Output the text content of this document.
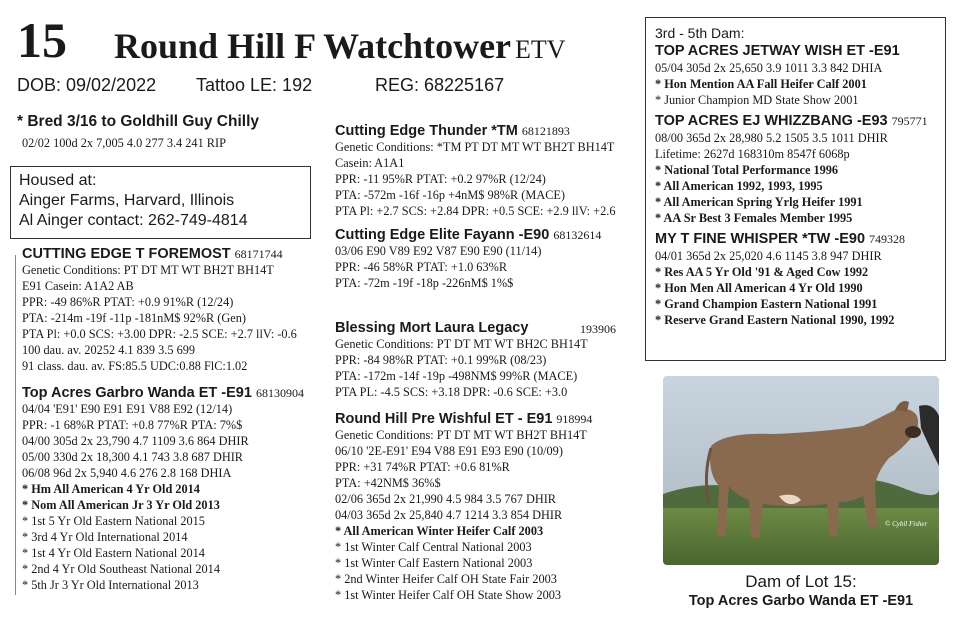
15 Round Hill F Watchtower ETV
DOB: 09/02/2022 Tattoo LE: 192	REG: 68225167
* Bred 3/16 to Goldhill Guy Chilly
02/02 100d 2x 7,005 4.0 277 3.4 241 RIP
Housed at:
Ainger Farms, Harvard, Illinois
Al Ainger contact: 262-749-4814
CUTTING EDGE T FOREMOST 68171744
Genetic Conditions: PT DT MT WT BH2T BH14T
E91 Casein: A1A2 AB
PPR: -49 86%R PTAT: +0.9 91%R (12/24)
PTA: -214m -19f -11p -181nM$ 92%R (Gen)
PTA Pl: +0.0 SCS: +3.00 DPR: -2.5 SCE: +2.7 llV: -0.6
100 dau. av. 20252 4.1 839 3.5 699
91 class. dau. av. FS:85.5 UDC:0.88 FlC:1.02
Top Acres Garbro Wanda ET -E91 68130904
04/04 'E91' E90 E91 E91 V88 E92 (12/14)
PPR: -1 68%R PTAT: +0.8 77%R PTA: 7%$
04/00 305d 2x 23,790 4.7 1109 3.6 864 DHIR
05/00 330d 2x 18,300 4.1 743 3.8 687 DHIR
06/08 96d 2x 5,940 4.6 276 2.8 168 DHIA
* Hm All American 4 Yr Old 2014
* Nom All American Jr 3 Yr Old 2013
* 1st 5 Yr Old Eastern National 2015
* 3rd 4 Yr Old International 2014
* 1st 4 Yr Old Eastern National 2014
* 2nd 4 Yr Old Southeast National 2014
* 5th Jr 3 Yr Old International 2013
Cutting Edge Thunder *TM 68121893
Genetic Conditions: *TM PT DT MT WT BH2T BH14T
Casein: A1A1
PPR: -11 95%R PTAT: +0.2 97%R (12/24)
PTA: -572m -16f -16p +4nM$ 98%R (MACE)
PTA Pl: +2.7 SCS: +2.84 DPR: +0.5 SCE: +2.9 llV: +2.6
Cutting Edge Elite Fayann -E90 68132614
03/06 E90 V89 E92 V87 E90 E90 (11/14)
PPR: -46 58%R PTAT: +1.0 63%R
PTA: -72m -19f -18p -226nM$ 1%$
Blessing Mort Laura Legacy	193906
Genetic Conditions: PT DT MT WT BH2C BH14T
PPR: -84 98%R PTAT: +0.1 99%R (08/23)
PTA: -172m -14f -19p -498NM$ 99%R (MACE)
PTA PL: -4.5 SCS: +3.18 DPR: -0.6 SCE: +3.0
Round Hill Pre Wishful ET - E91 918994
Genetic Conditions: PT DT MT WT BH2T BH14T
06/10 '2E-E91' E94 V88 E91 E93 E90 (10/09)
PPR: +31 74%R PTAT: +0.6 81%R
PTA: +42NM$ 36%$
02/06 365d 2x 21,990 4.5 984 3.5 767 DHIR
04/03 365d 2x 25,840 4.7 1214 3.3 854 DHIR
* All American Winter Heifer Calf 2003
* 1st Winter Calf Central National 2003
* 1st Winter Calf Eastern National 2003
* 2nd Winter Heifer Calf OH State Fair 2003
* 1st Winter Heifer Calf OH State Show 2003
3rd - 5th Dam:
TOP ACRES JETWAY WISH ET -E91
05/04 305d 2x 25,650 3.9 1011 3.3 842 DHIA
* Hon Mention AA Fall Heifer Calf 2001
* Junior Champion MD State Show 2001
TOP ACRES EJ WHIZZBANG -E93 795771
08/00 365d 2x 28,980 5.2 1505 3.5 1011 DHIR
Lifetime: 2627d 168310m 8547f 6068p
* National Total Performance 1996
* All American 1992, 1993, 1995
* All American Spring Yrlg Heifer 1991
* AA Sr Best 3 Females Member 1995
MY T FINE WHISPER *TW -E90 749328
04/01 365d 2x 25,020 4.6 1145 3.8 947 DHIR
* Res AA 5 Yr Old '91 & Aged Cow 1992
* Hon Men All American 4 Yr Old 1990
* Grand Champion Eastern National 1991
* Reserve Grand Eastern National 1990, 1992
© Cybil Fisher
Dam of Lot 15:
Top Acres Garbo Wanda ET -E91
